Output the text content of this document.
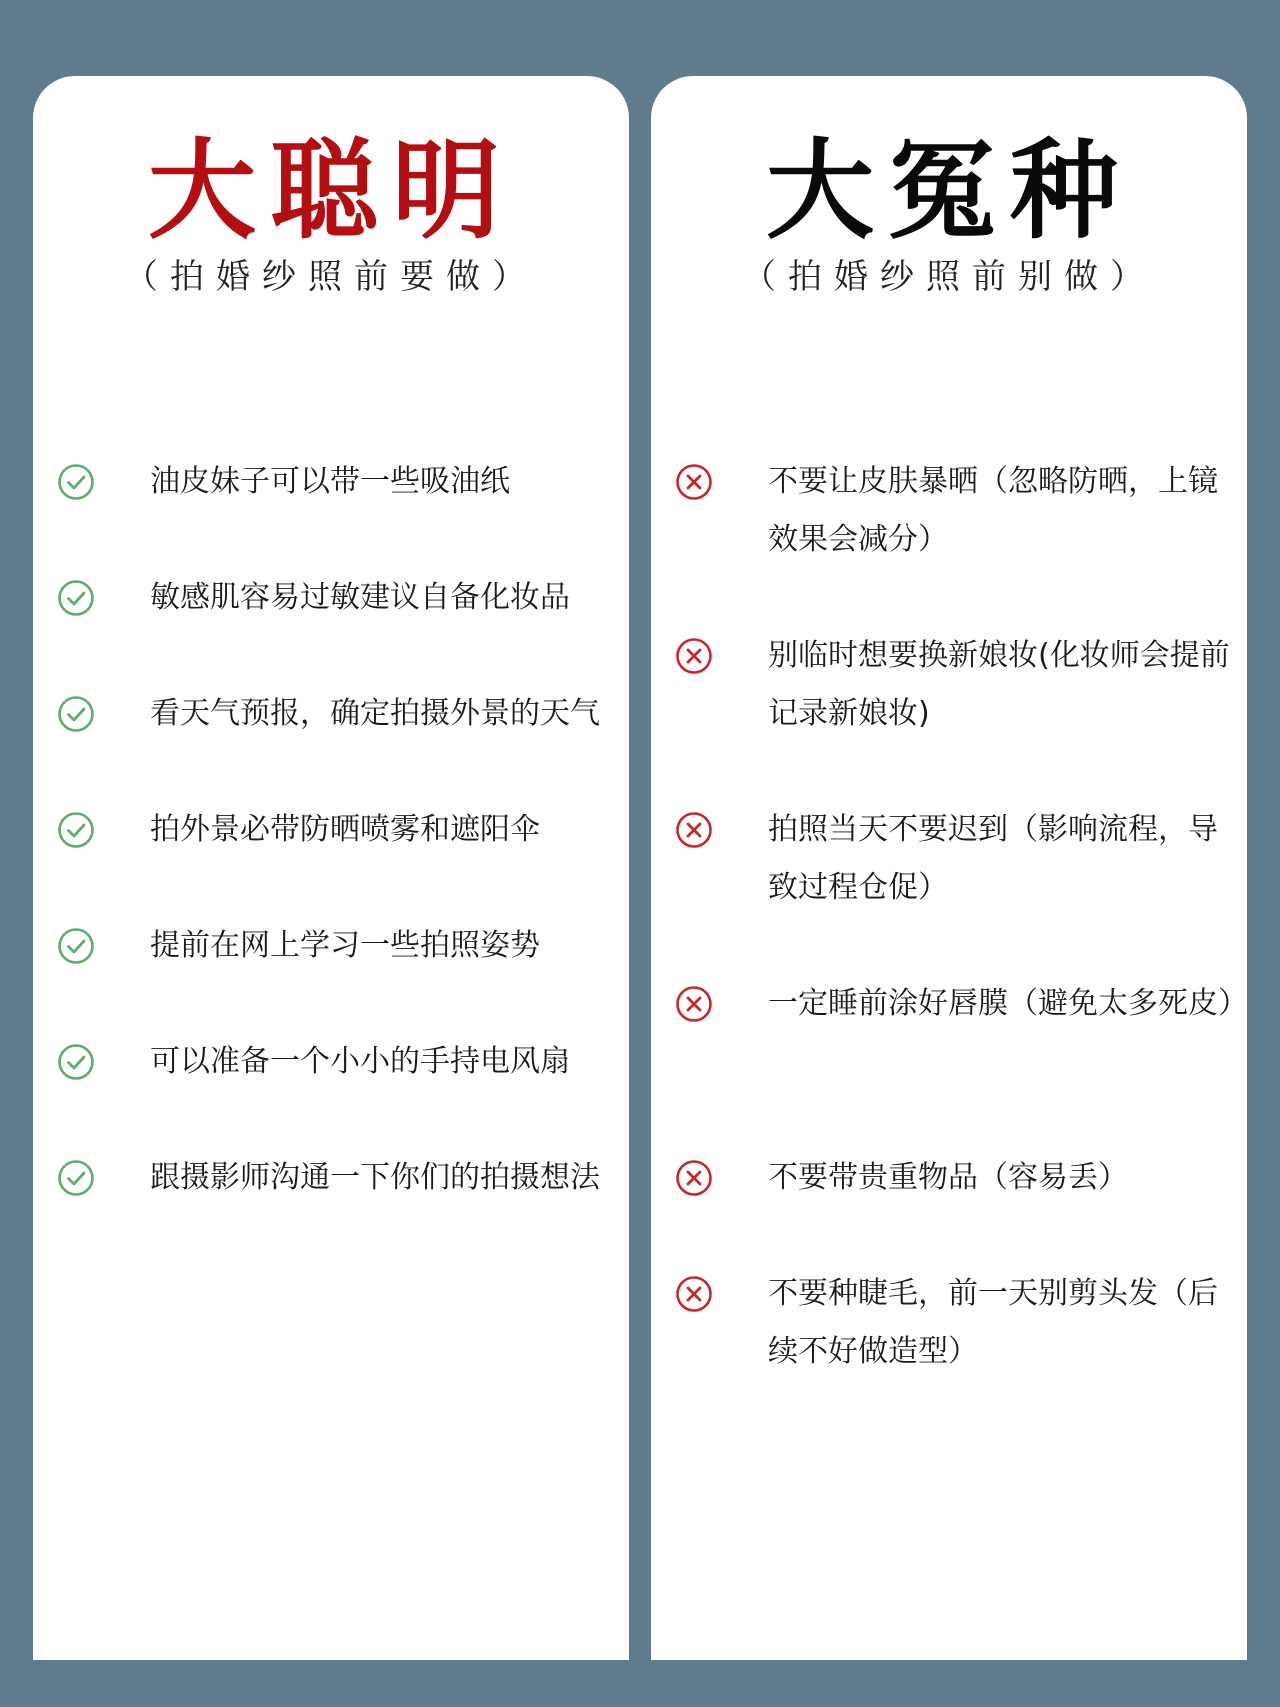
大聪明
（拍婚纱照前要做）
油皮妹子可以带一些吸油纸
敏感肌容易过敏建议自备化妆品
看天气预报，确定拍摄外景的天气
拍外景必带防晒喷雾和遮阳伞
提前在网上学习一些拍照姿势
可以准备一个小小的手持电风扇
跟摄影师沟通一下你们的拍摄想法
大冤种
（拍婚纱照前别做）
不要让皮肤暴晒（忽略防晒，上镜效果会减分）
别临时想要换新娘妆(化妆师会提前记录新娘妆)
拍照当天不要迟到（影响流程，导致过程仓促）
一定睡前涂好唇膜（避免太多死皮）
不要带贵重物品（容易丢）
不要种睫毛，前一天别剪头发（后续不好做造型）
